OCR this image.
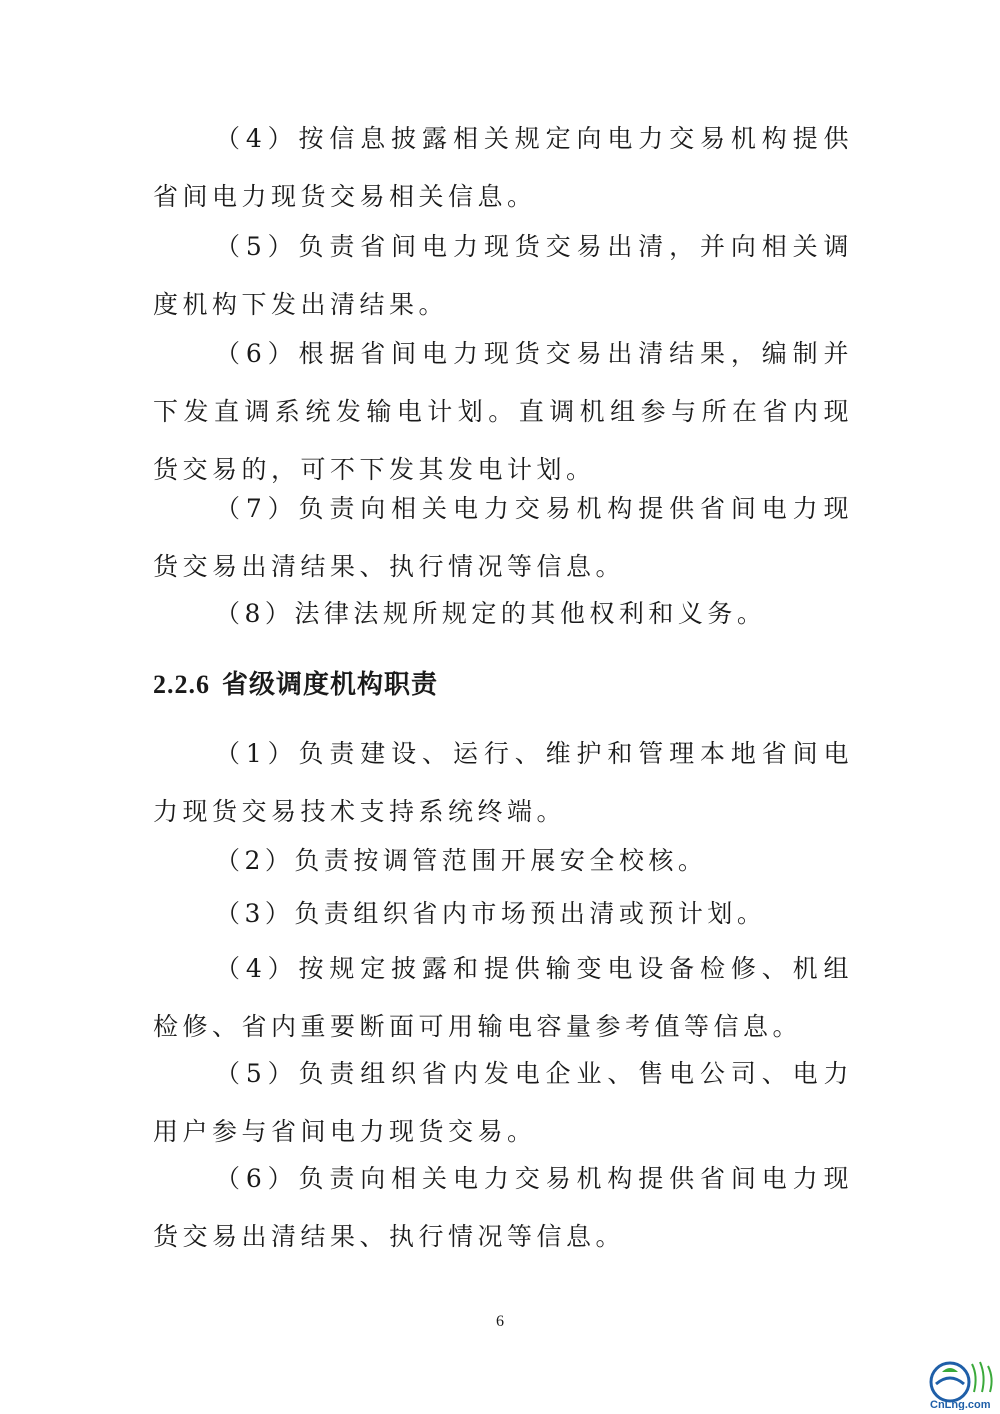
（4）按信息披露相关规定向电力交易机构提供省间电力现货交易相关信息。

（5）负责省间电力现货交易出清，并向相关调度机构下发出清结果。

（6）根据省间电力现货交易出清结果，编制并下发直调系统发输电计划。直调机组参与所在省内现货交易的，可不下发其发电计划。

（7）负责向相关电力交易机构提供省间电力现货交易出清结果、执行情况等信息。

（8）法律法规所规定的其他权利和义务。

2.2.6 省级调度机构职责

（1）负责建设、运行、维护和管理本地省间电力现货交易技术支持系统终端。

（2）负责按调管范围开展安全校核。

（3）负责组织省内市场预出清或预计划。

（4）按规定披露和提供输变电设备检修、机组检修、省内重要断面可用输电容量参考值等信息。

（5）负责组织省内发电企业、售电公司、电力用户参与省间电力现货交易。

（6）负责向相关电力交易机构提供省间电力现货交易出清结果、执行情况等信息。

6
CnLng.com
